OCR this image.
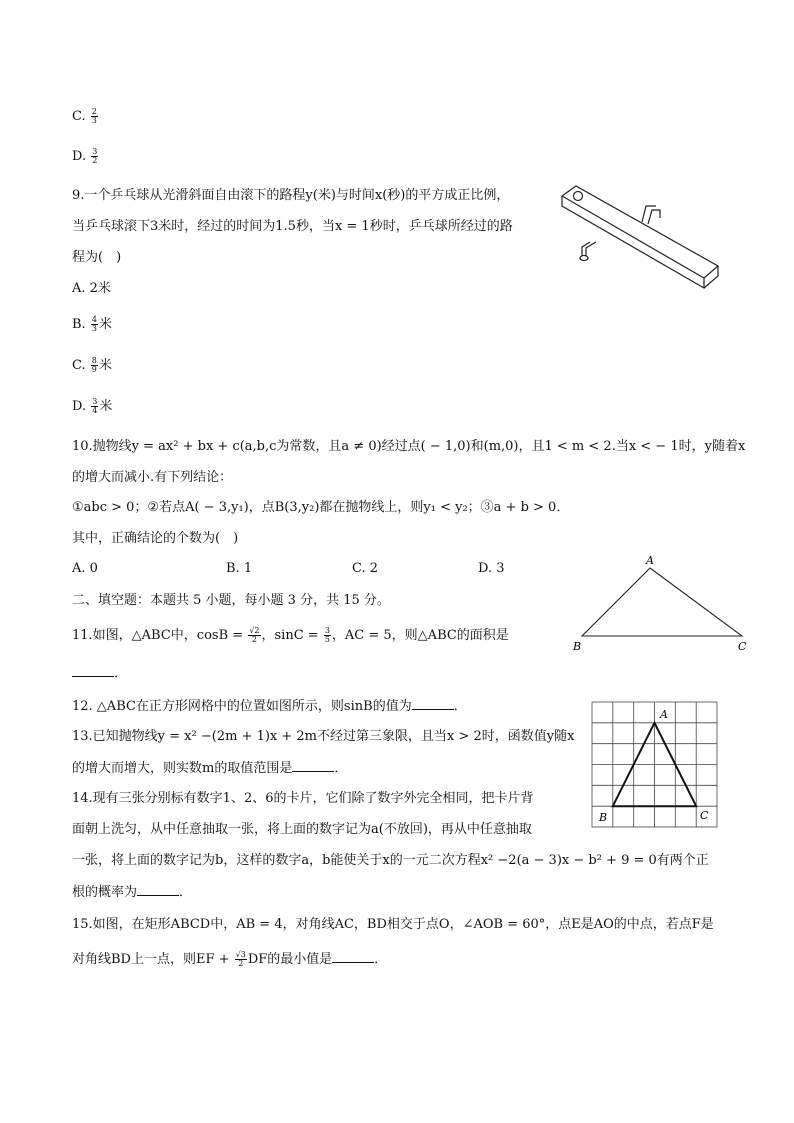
C. $\frac{2}{3}$
D. $\frac{3}{2}$
9.一个乒乓球从光滑斜面自由滚下的路程y(米)与时间x(秒)的平方成正比例，
当乒乓球滚下3米时，经过的时间为1.5秒，当x = 1秒时，乒乓球所经过的路
程为(　)
A. 2米
B. $\frac{4}{3}$ 米
C. $\frac{8}{9}$ 米
D. $\frac{3}{4}$ 米
10.抛物线y = ax² + bx + c(a,b,c为常数，且a ≠ 0)经过点( − 1,0)和(m,0)，且1 < m < 2.当x < − 1时，y随着x
的增大而减小.有下列结论：
①abc > 0；②若点A( − 3,y₁)，点B(3,y₂)都在抛物线上，则y₁ < y₂；③a + b > 0．
其中，正确结论的个数为(　)
A. 0	B. 1	C. 2	D. 3
二、填空题：本题共 5 小题，每小题 3 分，共 15 分。
11.如图，△ABC中，$\cos B = \frac{√2}{2}$ ，$\sin C = \frac{3}{5}$ ，AC = 5，则△ABC的面积是
．
A
B	C
12. △ABC在正方形网格中的位置如图所示，则sinB的值为	．
A
B	C
13.已知抛物线y = x² −(2m + 1)x + 2m不经过第三象限，且当x > 2时，函数值y随x
的增大而增大，则实数m的取值范围是	．
14.现有三张分别标有数字1、2、6的卡片，它们除了数字外完全相同，把卡片背
面朝上洗匀，从中任意抽取一张，将上面的数字记为a(不放回)，再从中任意抽取
一张，将上面的数字记为b，这样的数字a，b能使关于x的一元二次方程x² −2(a − 3)x − b² + 9 = 0有两个正
根的概率为	．
15.如图，在矩形ABCD中，AB = 4，对角线AC，BD相交于点O，∠AOB = 60°，点E是AO的中点，若点F是
对角线BD上一点，则EF + $\frac{√3}{2}$ DF的最小值是	．
